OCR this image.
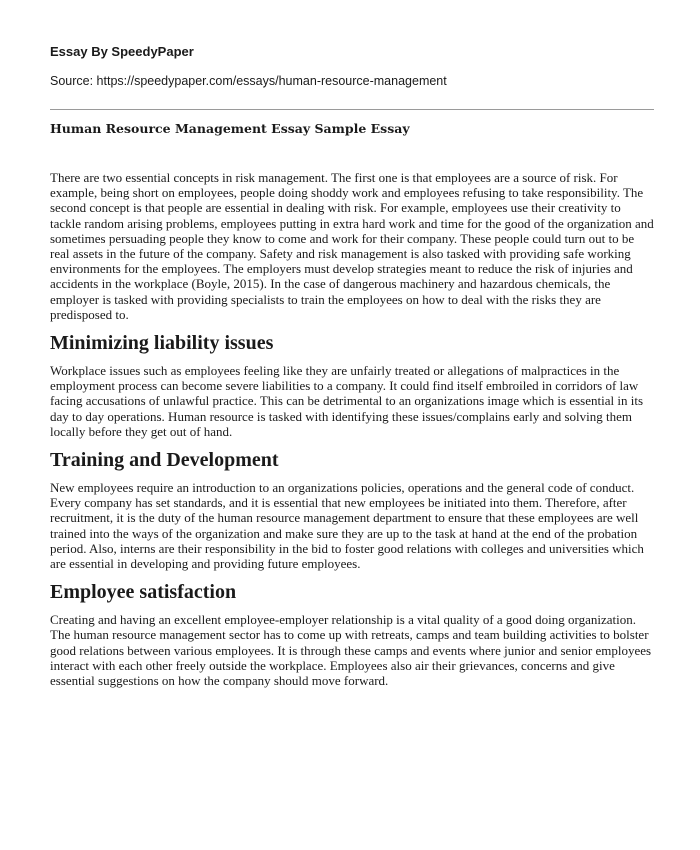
Essay By SpeedyPaper
Source: https://speedypaper.com/essays/human-resource-management
Human Resource Management Essay Sample Essay

There are two essential concepts in risk management. The first one is that employees are a source of risk. For example, being short on employees, people doing shoddy work and employees refusing to take responsibility. The second concept is that people are essential in dealing with risk. For example, employees use their creativity to tackle random arising problems, employees putting in extra hard work and time for the good of the organization and sometimes persuading people they know to come and work for their company. These people could turn out to be real assets in the future of the company. Safety and risk management is also tasked with providing safe working environments for the employees. The employers must develop strategies meant to reduce the risk of injuries and accidents in the workplace (Boyle, 2015). In the case of dangerous machinery and hazardous chemicals, the employer is tasked with providing specialists to train the employees on how to deal with the risks they are predisposed to.

Minimizing liability issues

Workplace issues such as employees feeling like they are unfairly treated or allegations of malpractices in the employment process can become severe liabilities to a company. It could find itself embroiled in corridors of law facing accusations of unlawful practice. This can be detrimental to an organizations image which is essential in its day to day operations. Human resource is tasked with identifying these issues/complains early and solving them locally before they get out of hand.

Training and Development

New employees require an introduction to an organizations policies, operations and the general code of conduct. Every company has set standards, and it is essential that new employees be initiated into them. Therefore, after recruitment, it is the duty of the human resource management department to ensure that these employees are well trained into the ways of the organization and make sure they are up to the task at hand at the end of the probation period. Also, interns are their responsibility in the bid to foster good relations with colleges and universities which are essential in developing and providing future employees.

Employee satisfaction

Creating and having an excellent employee-employer relationship is a vital quality of a good doing organization. The human resource management sector has to come up with retreats, camps and team building activities to bolster good relations between various employees. It is through these camps and events where junior and senior employees interact with each other freely outside the workplace. Employees also air their grievances, concerns and give essential suggestions on how the company should move forward.
